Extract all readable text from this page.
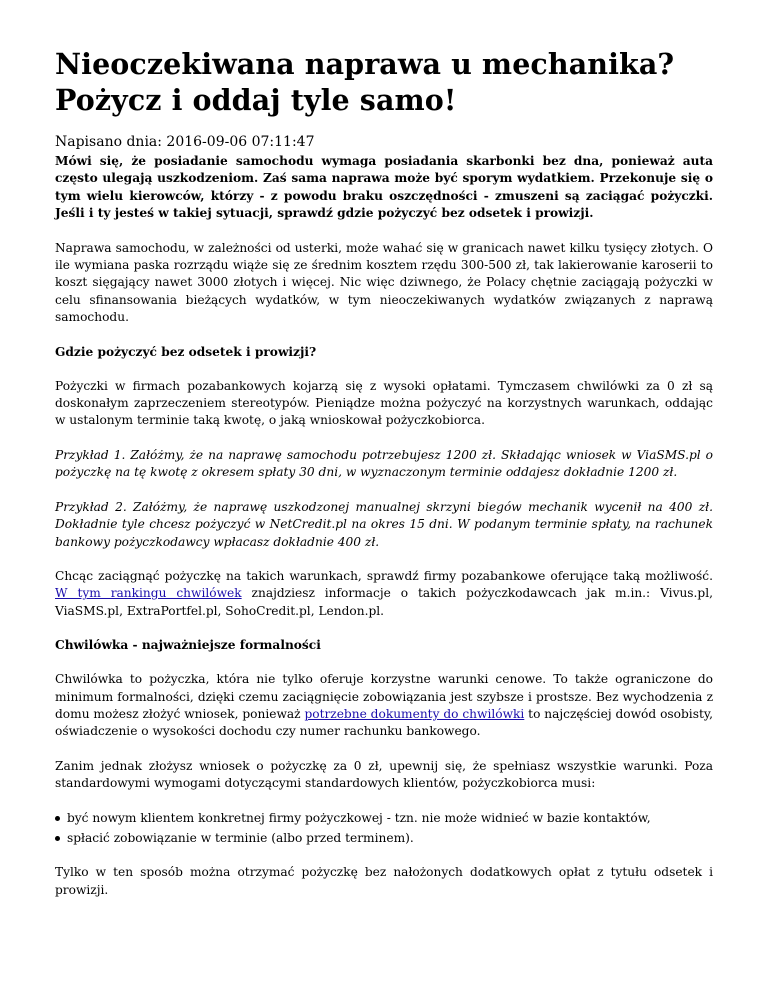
Nieoczekiwana naprawa u mechanika? Pożycz i oddaj tyle samo!
Napisano dnia: 2016-09-06 07:11:47

Mówi się, że posiadanie samochodu wymaga posiadania skarbonki bez dna, ponieważ auta często ulegają uszkodzeniom. Zaś sama naprawa może być sporym wydatkiem. Przekonuje się o tym wielu kierowców, którzy - z powodu braku oszczędności - zmuszeni są zaciągać pożyczki. Jeśli i ty jesteś w takiej sytuacji, sprawdź gdzie pożyczyć bez odsetek i prowizji.

Naprawa samochodu, w zależności od usterki, może wahać się w granicach nawet kilku tysięcy złotych. O ile wymiana paska rozrządu wiąże się ze średnim kosztem rzędu 300-500 zł, tak lakierowanie karoserii to koszt sięgający nawet 3000 złotych i więcej. Nic więc dziwnego, że Polacy chętnie zaciągają pożyczki w celu sfinansowania bieżących wydatków, w tym nieoczekiwanych wydatków związanych z naprawą samochodu.

Gdzie pożyczyć bez odsetek i prowizji?

Pożyczki w firmach pozabankowych kojarzą się z wysoki opłatami. Tymczasem chwilówki za 0 zł są doskonałym zaprzeczeniem stereotypów. Pieniądze można pożyczyć na korzystnych warunkach, oddając w ustalonym terminie taką kwotę, o jaką wnioskował pożyczkobiorca.

Przykład 1. Załóżmy, że na naprawę samochodu potrzebujesz 1200 zł. Składając wniosek w ViaSMS.pl o pożyczkę na tę kwotę z okresem spłaty 30 dni, w wyznaczonym terminie oddajesz dokładnie 1200 zł.

Przykład 2. Załóżmy, że naprawę uszkodzonej manualnej skrzyni biegów mechanik wycenił na 400 zł. Dokładnie tyle chcesz pożyczyć w NetCredit.pl na okres 15 dni. W podanym terminie spłaty, na rachunek bankowy pożyczkodawcy wpłacasz dokładnie 400 zł.

Chcąc zaciągnąć pożyczkę na takich warunkach, sprawdź firmy pozabankowe oferujące taką możliwość. W tym rankingu chwilówek znajdziesz informacje o takich pożyczkodawcach jak m.in.: Vivus.pl, ViaSMS.pl, ExtraPortfel.pl, SohoCredit.pl, Lendon.pl.

Chwilówka - najważniejsze formalności

Chwilówka to pożyczka, która nie tylko oferuje korzystne warunki cenowe. To także ograniczone do minimum formalności, dzięki czemu zaciągnięcie zobowiązania jest szybsze i prostsze. Bez wychodzenia z domu możesz złożyć wniosek, ponieważ potrzebne dokumenty do chwilówki to najczęściej dowód osobisty, oświadczenie o wysokości dochodu czy numer rachunku bankowego.

Zanim jednak złożysz wniosek o pożyczkę za 0 zł, upewnij się, że spełniasz wszystkie warunki. Poza standardowymi wymogami dotyczącymi standardowych klientów, pożyczkobiorca musi:

być nowym klientem konkretnej firmy pożyczkowej - tzn. nie może widnieć w bazie kontaktów,
spłacić zobowiązanie w terminie (albo przed terminem).

Tylko w ten sposób można otrzymać pożyczkę bez nałożonych dodatkowych opłat z tytułu odsetek i prowizji.
